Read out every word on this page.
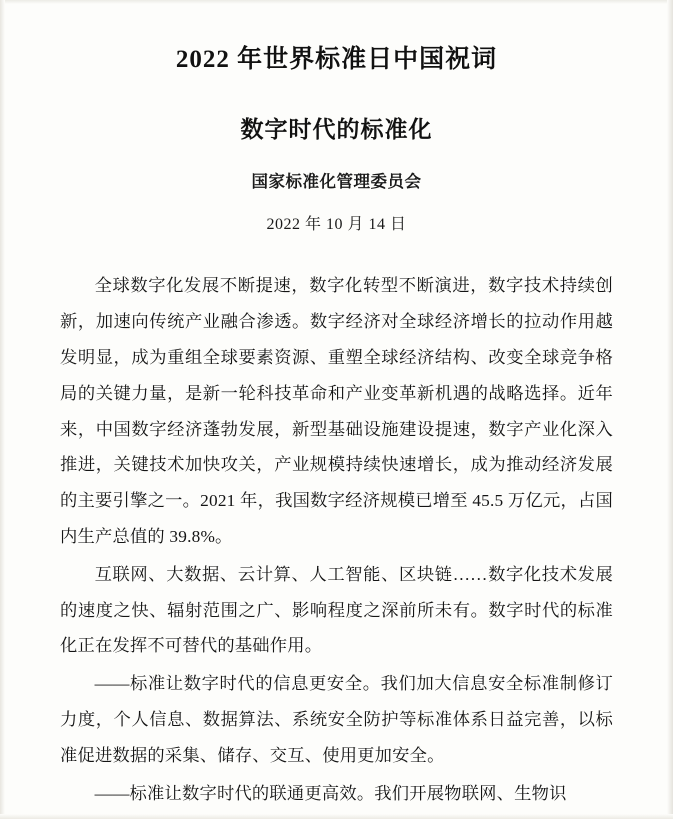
2022 年世界标准日中国祝词
数字时代的标准化
国家标准化管理委员会
2022 年 10 月 14 日

全球数字化发展不断提速，数字化转型不断演进，数字技术持续创新，加速向传统产业融合渗透。数字经济对全球经济增长的拉动作用越发明显，成为重组全球要素资源、重塑全球经济结构、改变全球竞争格局的关键力量，是新一轮科技革命和产业变革新机遇的战略选择。近年来，中国数字经济蓬勃发展，新型基础设施建设提速，数字产业化深入推进，关键技术加快攻关，产业规模持续快速增长，成为推动经济发展的主要引擎之一。2021 年，我国数字经济规模已增至 45.5 万亿元，占国内生产总值的 39.8%。

互联网、大数据、云计算、人工智能、区块链……数字化技术发展的速度之快、辐射范围之广、影响程度之深前所未有。数字时代的标准化正在发挥不可替代的基础作用。

——标准让数字时代的信息更安全。我们加大信息安全标准制修订力度，个人信息、数据算法、系统安全防护等标准体系日益完善，以标准促进数据的采集、储存、交互、使用更加安全。

——标准让数字时代的联通更高效。我们开展物联网、生物识
